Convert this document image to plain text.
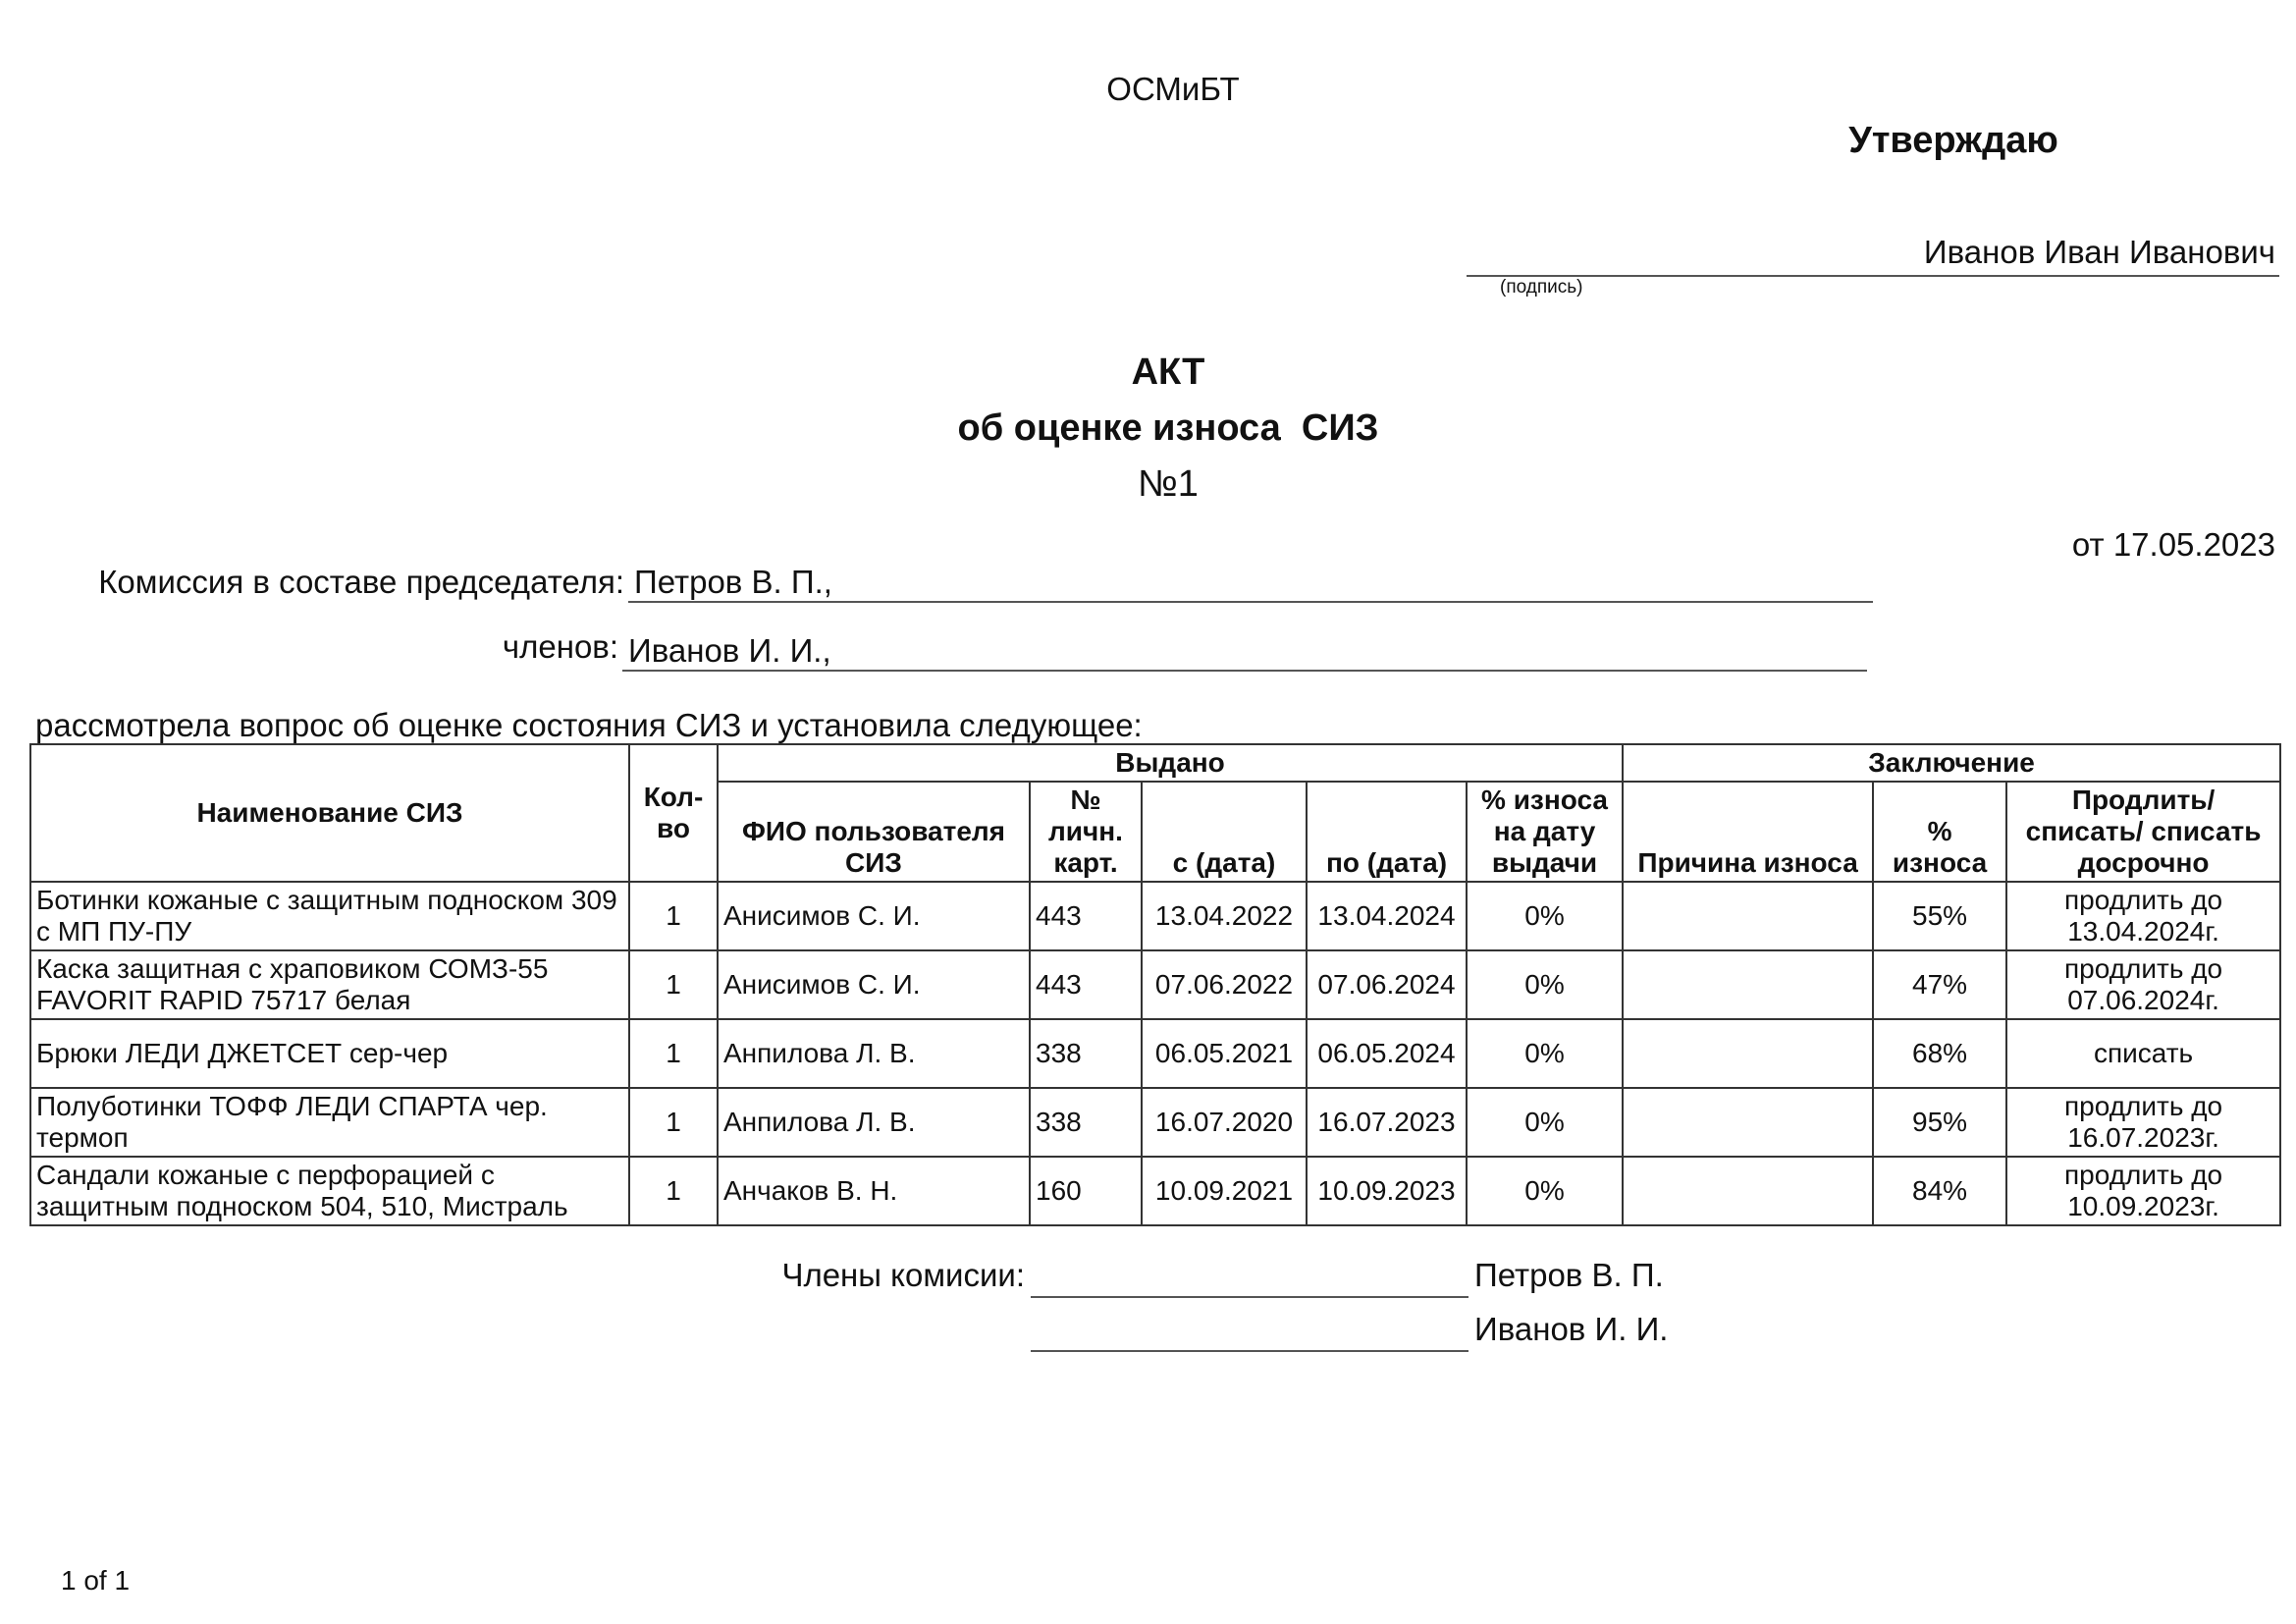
ОСМиБТ
Утверждаю
Иванов Иван Иванович
(подпись)
АКТ
об оценке износа  СИЗ
№1
от 17.05.2023
Комиссия в составе председателя: Петров В. П.,
членов: Иванов И. И.,
рассмотрела вопрос об оценке состояния СИЗ и установила следующее:
Наименование СИЗ	Кол-во	Выдано					Заключение		
		ФИО пользователя СИЗ	№ личн. карт.	с (дата)	по (дата)	% износа на дату выдачи	Причина износа	% износа	Продлить/ списать/ списать досрочно
Ботинки кожаные с защитным подноском 309 с МП ПУ-ПУ	1	Анисимов С. И.	443	13.04.2022	13.04.2024	0%		55%	продлить до 13.04.2024г.
Каска защитная с храповиком СОМЗ-55 FAVORIT RAPID 75717 белая	1	Анисимов С. И.	443	07.06.2022	07.06.2024	0%		47%	продлить до 07.06.2024г.
Брюки ЛЕДИ ДЖЕТСЕТ сер-чер	1	Анпилова Л. В.	338	06.05.2021	06.05.2024	0%		68%	списать
Полуботинки ТОФФ ЛЕДИ СПАРТА чер. термоп	1	Анпилова Л. В.	338	16.07.2020	16.07.2023	0%		95%	продлить до 16.07.2023г.
Сандали кожаные с перфорацией с защитным подноском 504, 510, Мистраль	1	Анчаков В. Н.	160	10.09.2021	10.09.2023	0%		84%	продлить до 10.09.2023г.
Члены комисии:	Петров В. П.
Иванов И. И.
1 of 1
